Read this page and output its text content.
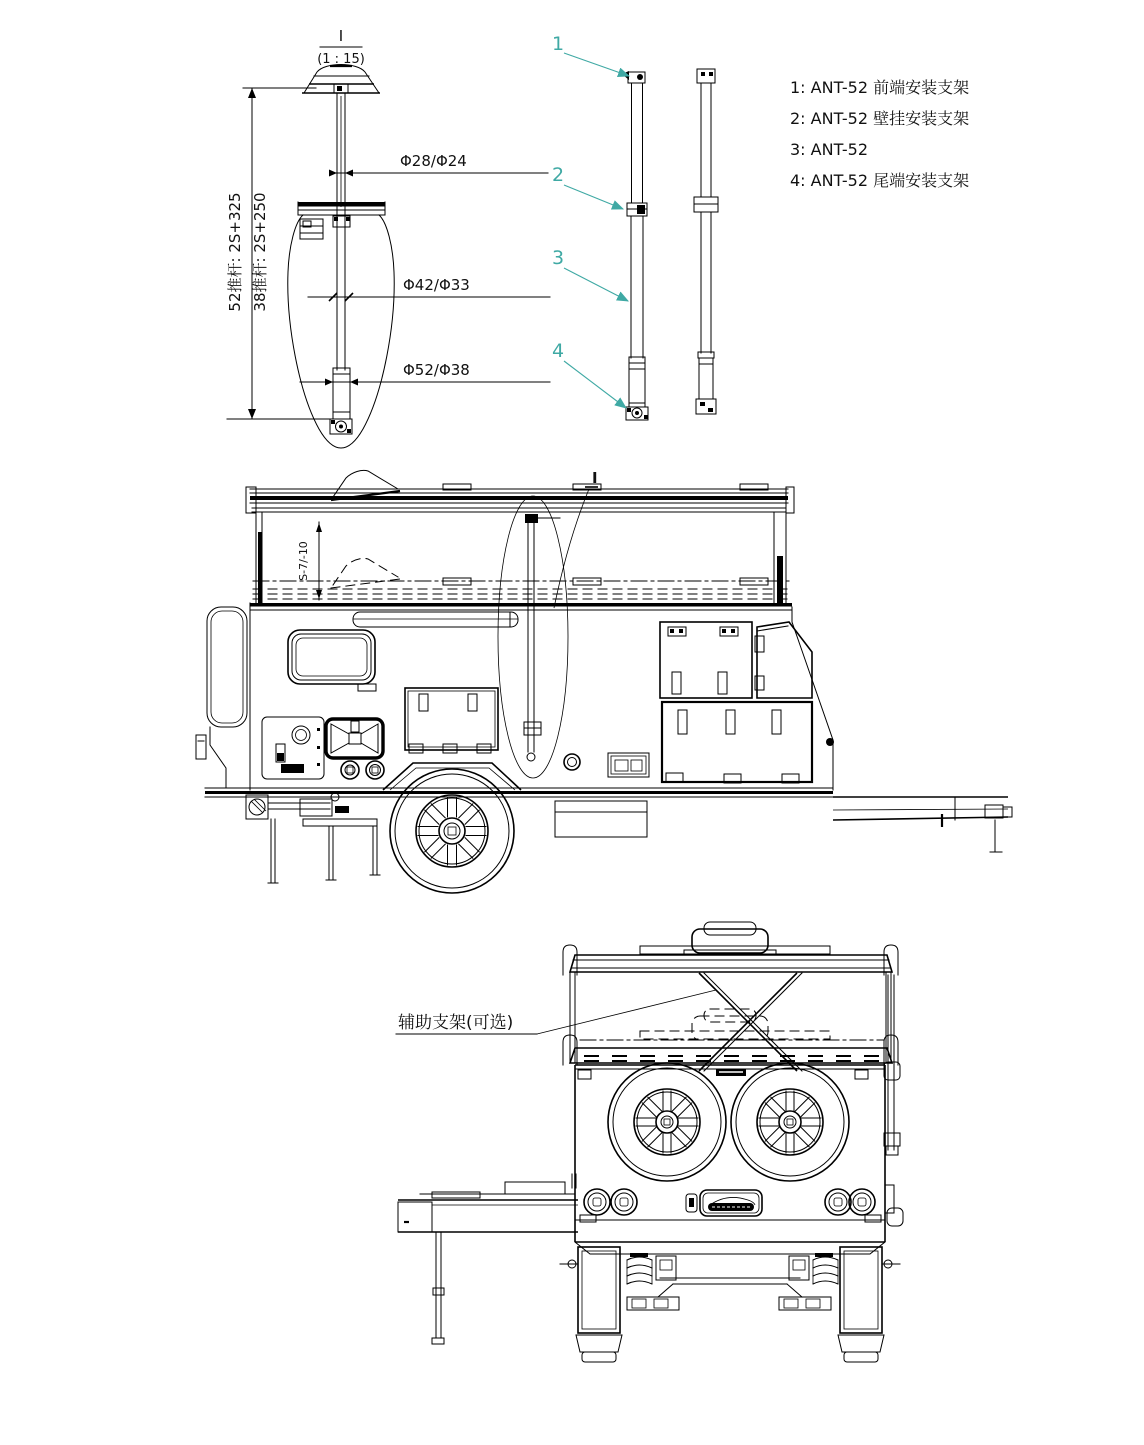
I
(1 : 15)
52推杆: 2S+325 38推杆: 2S+250
Φ28/Φ24
Φ42/Φ33
Φ52/Φ38
1
2
3
4
1: ANT-52 前端安装支架
2: ANT-52 壁挂安装支架
3: ANT-52
4: ANT-52 尾端安装支架
S-7/-10
I
辅助支架(可选)
